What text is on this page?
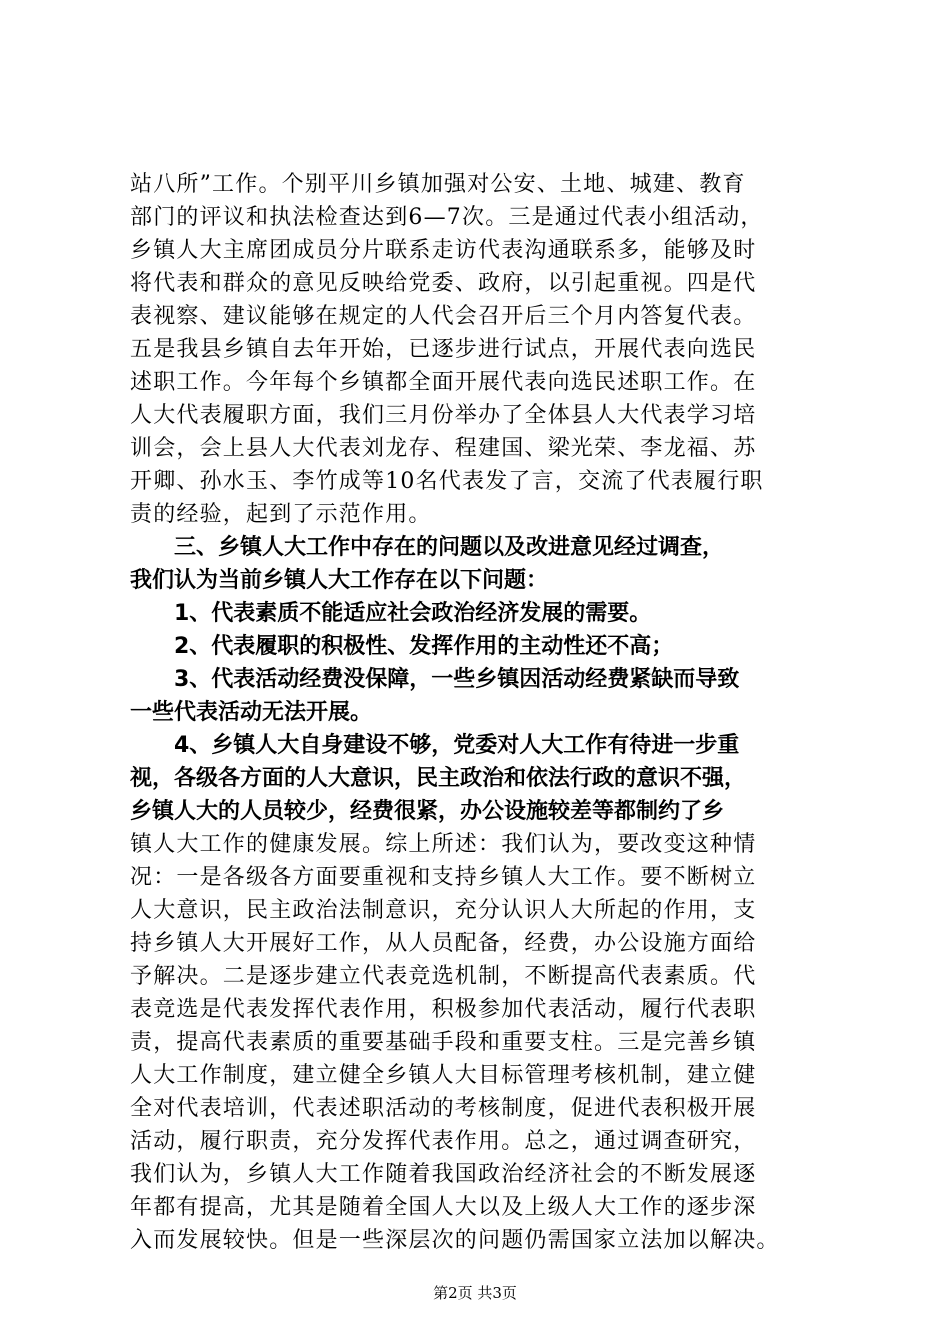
站八所”工作。个别平川乡镇加强对公安、土地、城建、教育
部门的评议和执法检查达到6—7次。三是通过代表小组活动，
乡镇人大主席团成员分片联系走访代表沟通联系多，能够及时
将代表和群众的意见反映给党委、政府，以引起重视。四是代
表视察、建议能够在规定的人代会召开后三个月内答复代表。
五是我县乡镇自去年开始，已逐步进行试点，开展代表向选民
述职工作。今年每个乡镇都全面开展代表向选民述职工作。在
人大代表履职方面，我们三月份举办了全体县人大代表学习培
训会，会上县人大代表刘龙存、程建国、梁光荣、李龙福、苏
开卿、孙水玉、李竹成等10名代表发了言，交流了代表履行职
责的经验，起到了示范作用。
三、乡镇人大工作中存在的问题以及改进意见经过调查，
我们认为当前乡镇人大工作存在以下问题：
1、代表素质不能适应社会政治经济发展的需要。
2、代表履职的积极性、发挥作用的主动性还不高；
3、代表活动经费没保障，一些乡镇因活动经费紧缺而导致
一些代表活动无法开展。
4、乡镇人大自身建设不够，党委对人大工作有待进一步重
视，各级各方面的人大意识，民主政治和依法行政的意识不强，
乡镇人大的人员较少，经费很紧，办公设施较差等都制约了乡
镇人大工作的健康发展。综上所述：我们认为，要改变这种情
况：一是各级各方面要重视和支持乡镇人大工作。要不断树立
人大意识，民主政治法制意识，充分认识人大所起的作用，支
持乡镇人大开展好工作，从人员配备，经费，办公设施方面给
予解决。二是逐步建立代表竞选机制，不断提高代表素质。代
表竞选是代表发挥代表作用，积极参加代表活动，履行代表职
责，提高代表素质的重要基础手段和重要支柱。三是完善乡镇
人大工作制度，建立健全乡镇人大目标管理考核机制，建立健
全对代表培训，代表述职活动的考核制度，促进代表积极开展
活动，履行职责，充分发挥代表作用。总之，通过调查研究，
我们认为，乡镇人大工作随着我国政治经济社会的不断发展逐
年都有提高，尤其是随着全国人大以及上级人大工作的逐步深
入而发展较快。但是一些深层次的问题仍需国家立法加以解决。
第2页 共3页
